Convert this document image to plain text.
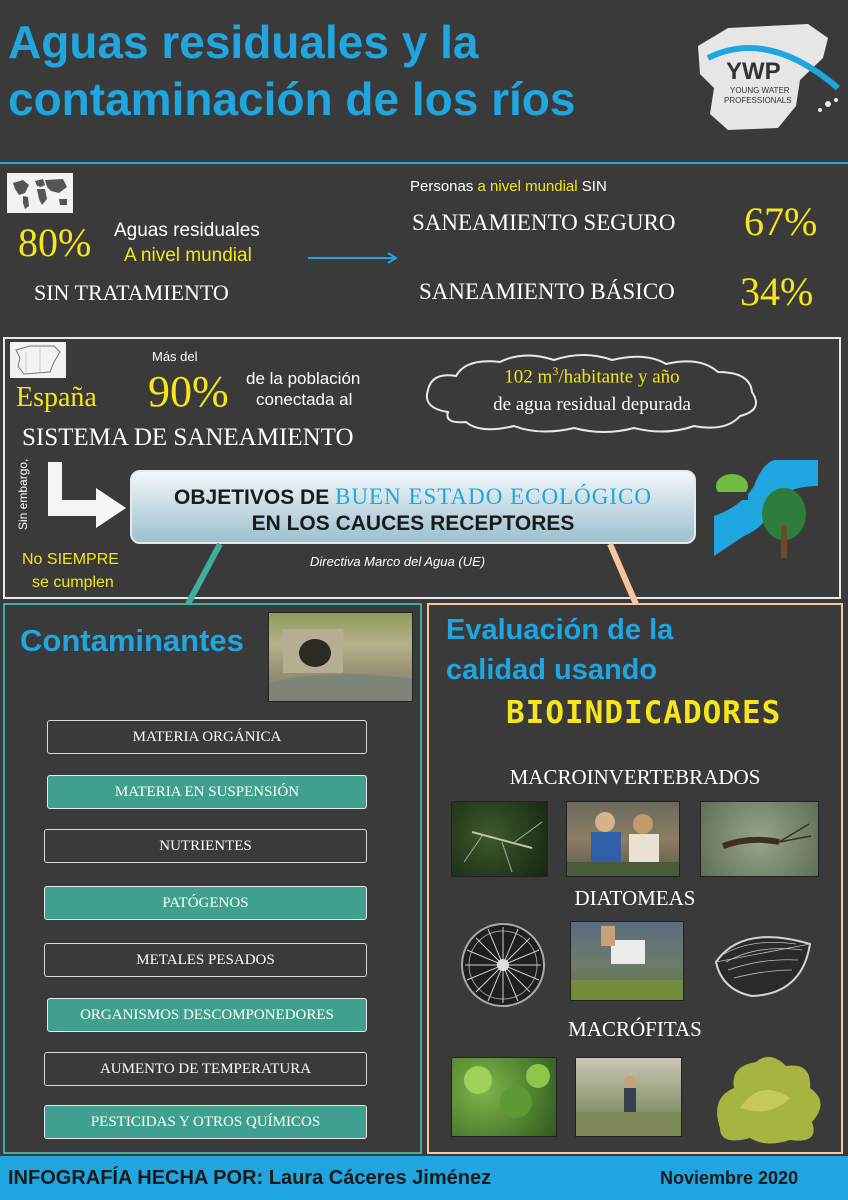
Aguas residuales y la
contaminación de los ríos
YWP
YOUNG WATER
PROFESSIONALS
80% Aguas residuales
A nivel mundial
SIN TRATAMIENTO
Personas a nivel mundial SIN
SANEAMIENTO SEGURO 67%
SANEAMIENTO BÁSICO 34%
España
Más del
90% de la población
conectada al
SISTEMA DE SANEAMIENTO
102 $m^3$/habitante y año
de agua residual depurada
Sin embargo,
No SIEMPRE
se cumplen
OBJETIVOS DE BUEN ESTADO ECOLÓGICO
EN LOS CAUCES RECEPTORES
Directiva Marco del Agua (UE)
Contaminantes
MATERIA ORGÁNICA
MATERIA EN SUSPENSIÓN
NUTRIENTES
PATÓGENOS
METALES PESADOS
ORGANISMOS DESCOMPONEDORES
AUMENTO DE TEMPERATURA
PESTICIDAS Y OTROS QUÍMICOS
Evaluación de la
calidad usando
BIOINDICADORES
MACROINVERTEBRADOS
DIATOMEAS
MACRÓFITAS
INFOGRAFÍA HECHA POR: Laura Cáceres Jiménez	Noviembre 2020
